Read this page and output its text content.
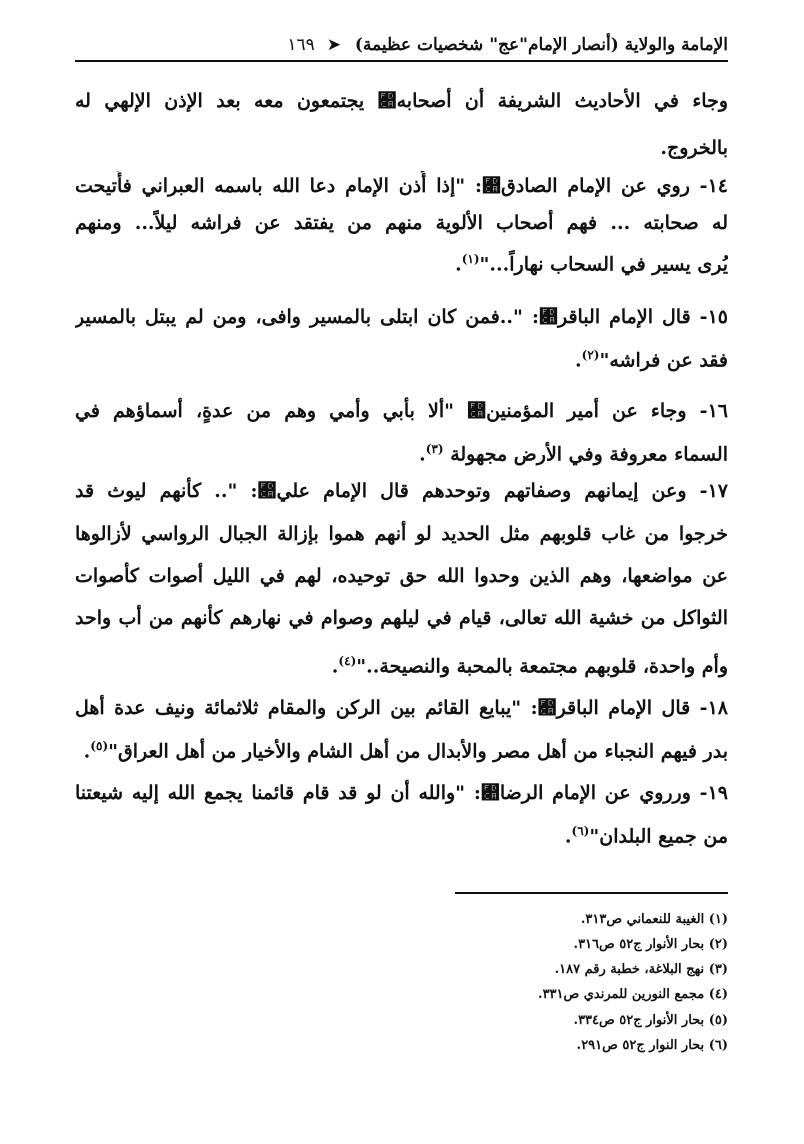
الإمامة والولاية (أنصار الإمام"عج" شخصيات عظيمة) ➤ ١٦٩
وجاء في الأحاديث الشريفة أن أصحابه﷊ يجتمعون معه بعد الإذن الإلهي له
بالخروج.
١٤- روي عن الإمام الصادق﷊: "إذا أُذن الإمام دعا الله باسمه العبراني فأُتيحت
له صحابته ... فهم أصحاب الألوية منهم من يفتقد عن فراشه ليلاً... ومنهم
يُرى يسير في السحاب نهاراً..."$^{(١)}$.
١٥- قال الإمام الباقر﷊: "..فمن كان ابتلى بالمسير وافى، ومن لم يبتل بالمسير
فقد عن فراشه"$^{(٢)}$.
١٦- وجاء عن أمير المؤمنين﷊ "ألا بأبي وأمي وهم من عدةٍ، أسماؤهم في
السماء معروفة وفي الأرض مجهولة $^{(٣)}$.
١٧- وعن إيمانهم وصفاتهم وتوحدهم قال الإمام علي﷊: ".. كأنهم ليوث قد
خرجوا من غاب قلوبهم مثل الحديد لو أنهم هموا بإزالة الجبال الرواسي لأزالوها
عن مواضعها، وهم الذين وحدوا الله حق توحيده، لهم في الليل أصوات كأصوات
الثواكل من خشية الله تعالى، قيام في ليلهم وصوام في نهارهم كأنهم من أب واحد
وأم واحدة، قلوبهم مجتمعة بالمحبة والنصيحة.."$^{(٤)}$.
١٨- قال الإمام الباقر﷊: "يبايع القائم بين الركن والمقام ثلاثمائة ونيف عدة أهل
بدر فيهم النجباء من أهل مصر والأبدال من أهل الشام والأخيار من أهل العراق"$^{(٥)}$.
١٩- ورروي عن الإمام الرضا﷊: "والله أن لو قد قام قائمنا يجمع الله إليه شيعتنا
من جميع البلدان"$^{(٦)}$.
(١) الغيبة للنعماني ص٣١٣.
(٢) بحار الأنوار ج٥٢ ص٣١٦.
(٣) نهج البلاغة، خطبة رقم ١٨٧.
(٤) مجمع النورين للمرندي ص٣٣١.
(٥) بحار الأنوار ج٥٢ ص٣٣٤.
(٦) بحار النوار ج٥٢ ص٢٩١.
